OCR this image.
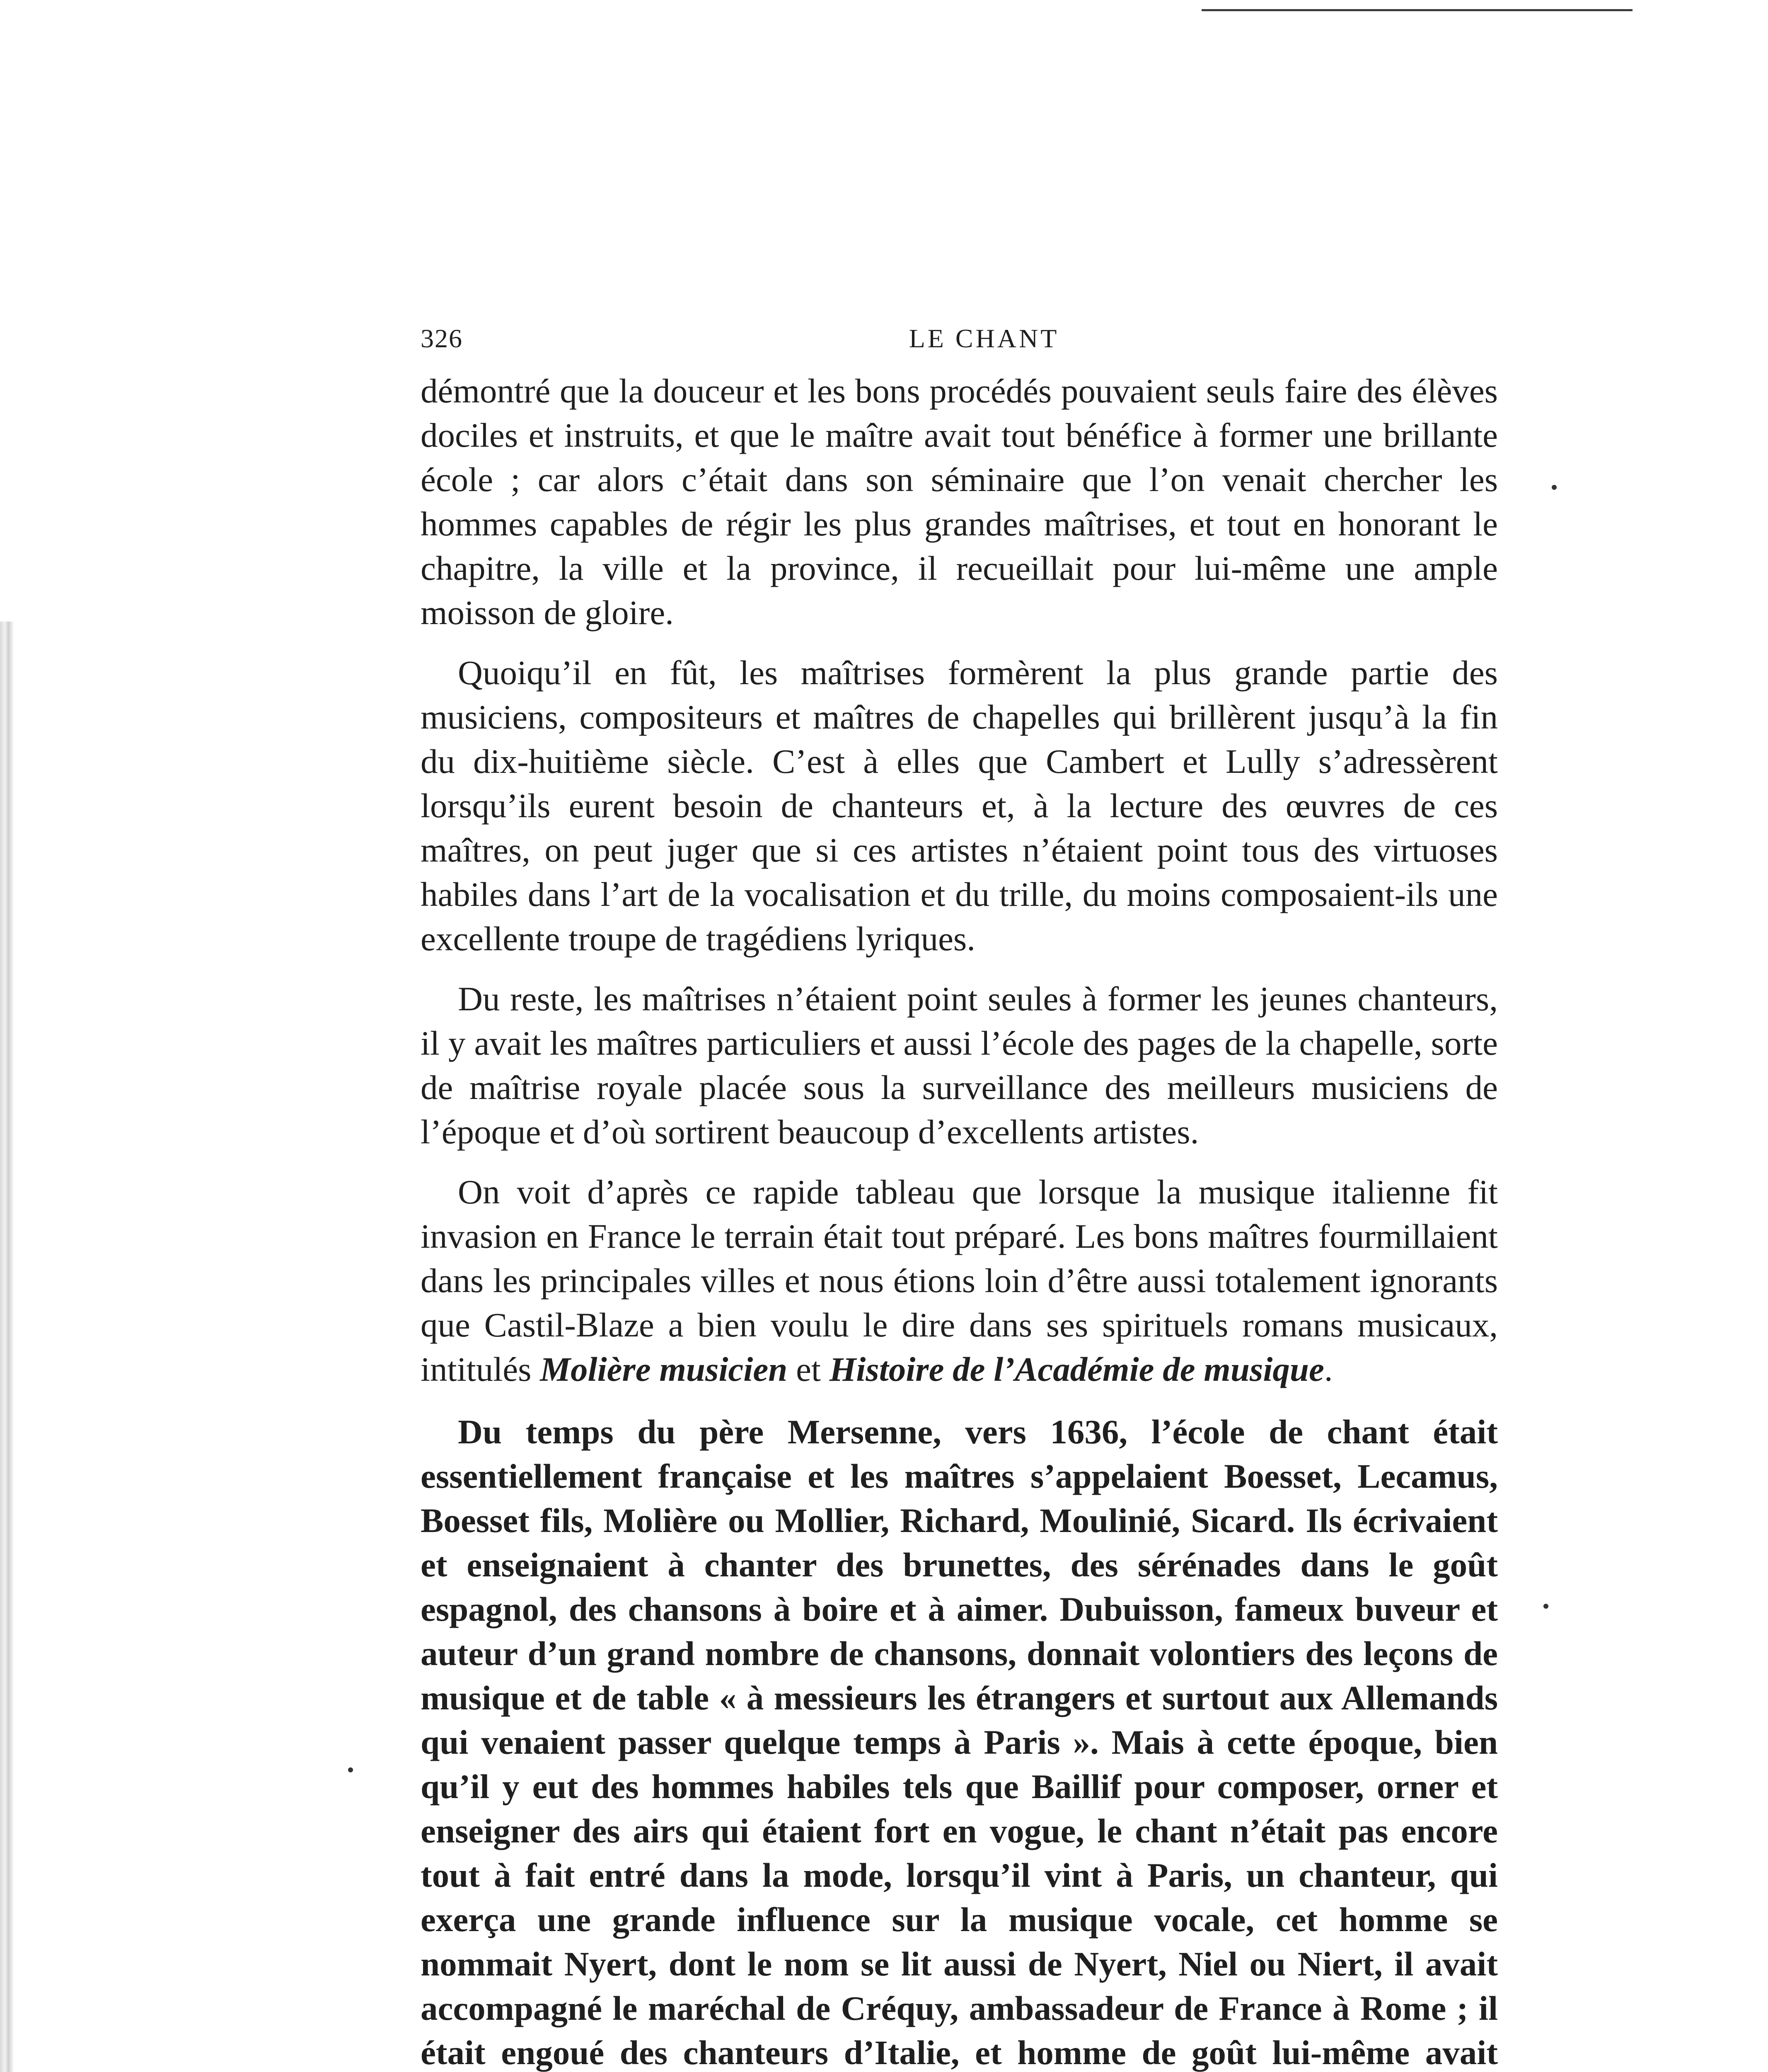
326	LE CHANT

démontré que la douceur et les bons procédés pouvaient seuls faire des élèves dociles et instruits, et que le maître avait tout bénéfice à former une brillante école ; car alors c’était dans son séminaire que l’on venait chercher les hommes capables de régir les plus grandes maîtrises, et tout en honorant le chapitre, la ville et la province, il recueillait pour lui-même une ample moisson de gloire.

Quoiqu’il en fût, les maîtrises formèrent la plus grande partie des musiciens, compositeurs et maîtres de chapelles qui brillèrent jusqu’à la fin du dix-huitième siècle. C’est à elles que Cambert et Lully s’adressèrent lorsqu’ils eurent besoin de chanteurs et, à la lecture des œuvres de ces maîtres, on peut juger que si ces artistes n’étaient point tous des virtuoses habiles dans l’art de la vocalisation et du trille, du moins composaient-ils une excellente troupe de tragédiens lyriques.

Du reste, les maîtrises n’étaient point seules à former les jeunes chanteurs, il y avait les maîtres particuliers et aussi l’école des pages de la chapelle, sorte de maîtrise royale placée sous la surveillance des meilleurs musiciens de l’époque et d’où sortirent beaucoup d’excellents artistes.

On voit d’après ce rapide tableau que lorsque la musique italienne fit invasion en France le terrain était tout préparé. Les bons maîtres fourmillaient dans les principales villes et nous étions loin d’être aussi totalement ignorants que Castil-Blaze a bien voulu le dire dans ses spirituels romans musicaux, intitulés Molière musicien et Histoire de l’Académie de musique.

Du temps du père Mersenne, vers 1636, l’école de chant était essentiellement française et les maîtres s’appelaient Boesset, Lecamus, Boesset fils, Molière ou Mollier, Richard, Moulinié, Sicard. Ils écrivaient et enseignaient à chanter des brunettes, des sérénades dans le goût espagnol, des chansons à boire et à aimer. Dubuisson, fameux buveur et auteur d’un grand nombre de chansons, donnait volontiers des leçons de musique et de table « à messieurs les étrangers et surtout aux Allemands qui venaient passer quelque temps à Paris ». Mais à cette époque, bien qu’il y eut des hommes habiles tels que Baillif pour composer, orner et enseigner des airs qui étaient fort en vogue, le chant n’était pas encore tout à fait entré dans la mode, lorsqu’il vint à Paris, un chanteur, qui exerça une grande influence sur la musique vocale, cet homme se nommait Nyert, dont le nom se lit aussi de Nyert, Niel ou Niert, il avait accompagné le maréchal de Créquy, ambassadeur de France à Rome ; il était engoué des chanteurs d’Italie, et homme de goût lui-même avait
